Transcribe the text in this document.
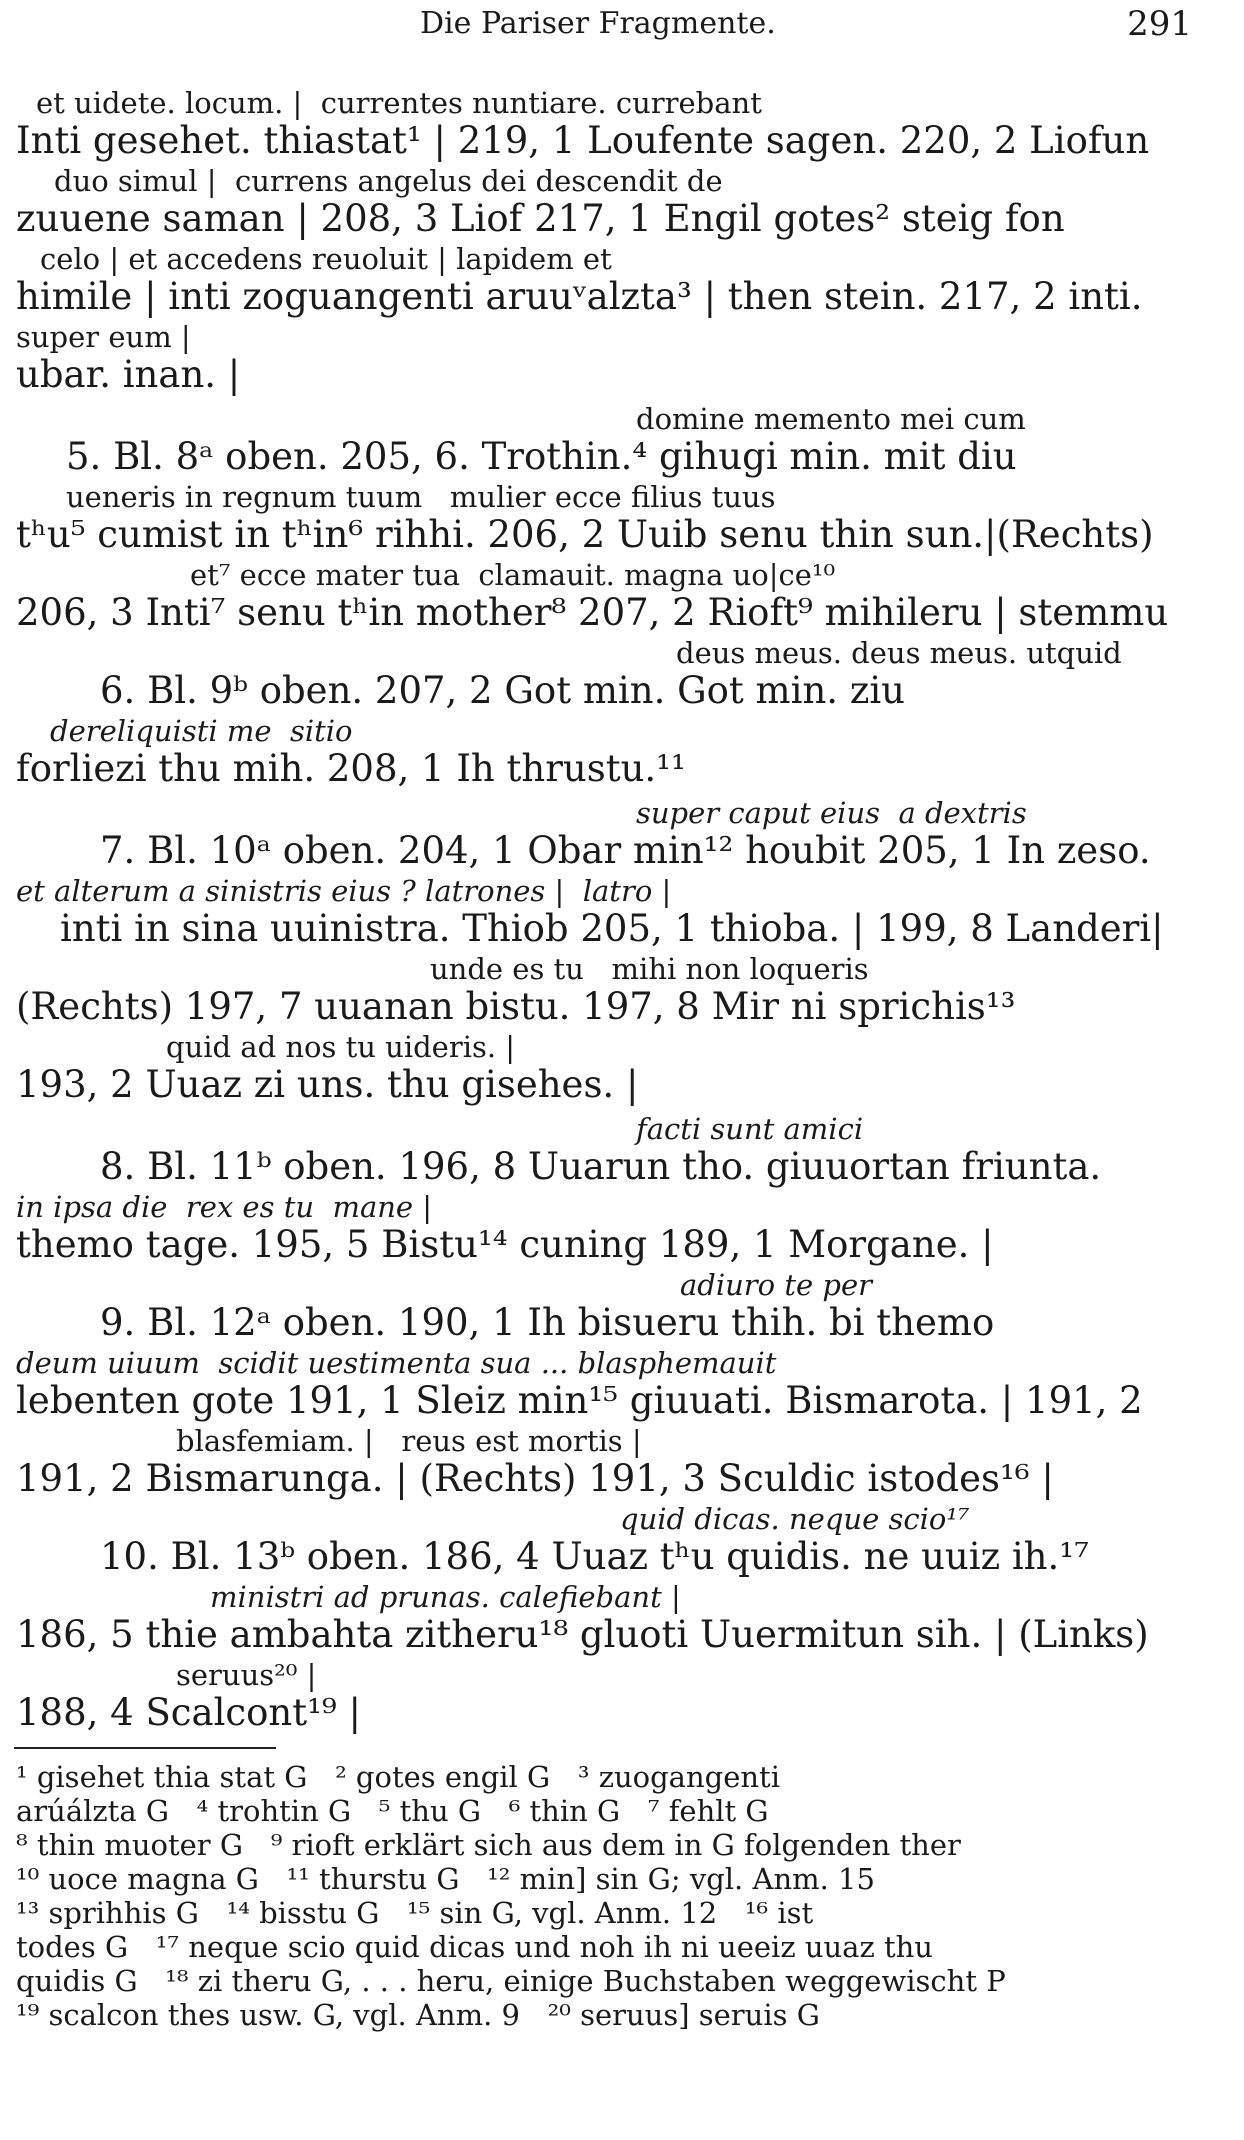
Die Pariser Fragmente.	291
et uidete. locum. |  currentes nuntiare. currebant
Inti gesehet. thiastat¹ | 219, 1 Loufente sagen. 220, 2 Liofun
duo simul |  currens angelus dei descendit de
zuuene saman | 208, 3 Liof 217, 1 Engil gotes² steig fon
celo | et accedens reuoluit | lapidem et
himile | inti zoguangenti aruuᵛalzta³ | then stein. 217, 2 inti.
super eum |
ubar. inan. |
domine memento mei cum
5. Bl. 8ᵃ oben. 205, 6. Trothin.⁴ gihugi min. mit diu
ueneris in regnum tuum   mulier ecce filius tuus
tʰu⁵ cumist in tʰin⁶ rihhi. 206, 2 Uuib senu thin sun.|(Rechts)
et⁷ ecce mater tua  clamauit. magna uo|ce¹⁰
206, 3 Inti⁷ senu tʰin mother⁸ 207, 2 Rioft⁹ mihileru | stemmu
deus meus. deus meus. utquid
6. Bl. 9ᵇ oben. 207, 2 Got min. Got min. ziu
dereliquisti me  sitio
forliezi thu mih. 208, 1 Ih thrustu.¹¹
super caput eius  a dextris
7. Bl. 10ᵃ oben. 204, 1 Obar min¹² houbit 205, 1 In zeso.
et alterum a sinistris eius ? latrones |  latro |
inti in sina uuinistra. Thiob 205, 1 thioba. | 199, 8 Landeri|
unde es tu   mihi non loqueris
(Rechts) 197, 7 uuanan bistu. 197, 8 Mir ni sprichis¹³
quid ad nos tu uideris. |
193, 2 Uuaz zi uns. thu gisehes. |
facti sunt amici
8. Bl. 11ᵇ oben. 196, 8 Uuarun tho. giuuortan friunta.
in ipsa die  rex es tu  mane |
themo tage. 195, 5 Bistu¹⁴ cuning 189, 1 Morgane. |
adiuro te per
9. Bl. 12ᵃ oben. 190, 1 Ih bisueru thih. bi themo
deum uiuum  scidit uestimenta sua ... blasphemauit
lebenten gote 191, 1 Sleiz min¹⁵ giuuati. Bismarota. | 191, 2
blasfemiam. |   reus est mortis |
191, 2 Bismarunga. | (Rechts) 191, 3 Sculdic istodes¹⁶ |
quid dicas. neque scio¹⁷
10. Bl. 13ᵇ oben. 186, 4 Uuaz tʰu quidis. ne uuiz ih.¹⁷
ministri ad prunas. calefiebant |
186, 5 thie ambahta zitheru¹⁸ gluoti Uuermitun sih. | (Links)
seruus²⁰ |
188, 4 Scalcont¹⁹ |
¹ gisehet thia stat G   ² gotes engil G   ³ zuogangenti
arúálzta G   ⁴ trohtin G   ⁵ thu G   ⁶ thin G   ⁷ fehlt G
⁸ thin muoter G   ⁹ rioft erklärt sich aus dem in G folgenden ther
¹⁰ uoce magna G   ¹¹ thurstu G   ¹² min] sin G; vgl. Anm. 15
¹³ sprihhis G   ¹⁴ bisstu G   ¹⁵ sin G, vgl. Anm. 12   ¹⁶ ist
todes G   ¹⁷ neque scio quid dicas und noh ih ni ueeiz uuaz thu
quidis G   ¹⁸ zi theru G, . . . heru, einige Buchstaben weggewischt P
¹⁹ scalcon thes usw. G, vgl. Anm. 9   ²⁰ seruus] seruis G
